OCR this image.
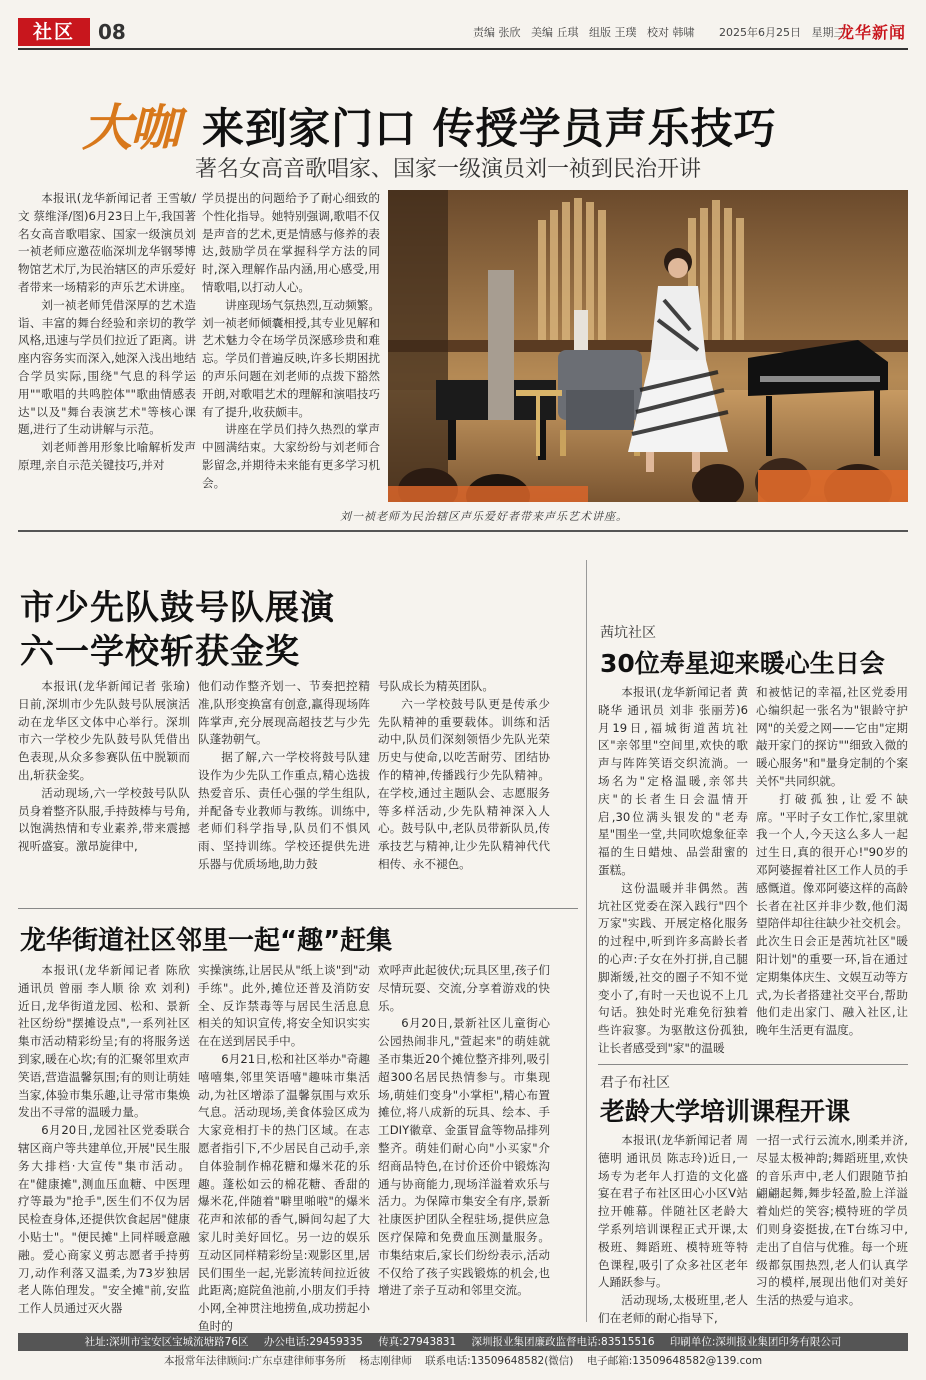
社区	08	责编 张欣 美编 丘琪 组版 王璞 校对 韩啸 2025年6月25日 星期三
龙华新闻
大咖 来到家门口 传授学员声乐技巧
著名女高音歌唱家、国家一级演员刘一祯到民治开讲

本报讯(龙华新闻记者 王雪敏/文 蔡维泽/图)6月23日上午,我国著名女高音歌唱家、国家一级演员刘一祯老师应邀莅临深圳龙华钢琴博物馆艺术厅,为民治辖区的声乐爱好者带来一场精彩的声乐艺术讲座。

刘一祯老师凭借深厚的艺术造诣、丰富的舞台经验和亲切的教学风格,迅速与学员们拉近了距离。讲座内容务实而深入,她深入浅出地结合学员实际,围绕"气息的科学运用""歌唱的共鸣腔体""歌曲情感表达"以及"舞台表演艺术"等核心课题,进行了生动讲解与示范。

刘老师善用形象比喻解析发声原理,亲自示范关键技巧,并对

学员提出的问题给予了耐心细致的个性化指导。她特别强调,歌唱不仅是声音的艺术,更是情感与修养的表达,鼓励学员在掌握科学方法的同时,深入理解作品内涵,用心感受,用情歌唱,以打动人心。

讲座现场气氛热烈,互动频繁。刘一祯老师倾囊相授,其专业见解和艺术魅力令在场学员深感珍贵和难忘。学员们普遍反映,许多长期困扰的声乐问题在刘老师的点拨下豁然开朗,对歌唱艺术的理解和演唱技巧有了提升,收获颇丰。

讲座在学员们持久热烈的掌声中圆满结束。大家纷纷与刘老师合影留念,并期待未来能有更多学习机会。

刘一祯老师为民治辖区声乐爱好者带来声乐艺术讲座。
市少先队鼓号队展演
六一学校斩获金奖

本报讯(龙华新闻记者 张瑜)日前,深圳市少先队鼓号队展演活动在龙华区文体中心举行。深圳市六一学校少先队鼓号队凭借出色表现,从众多参赛队伍中脱颖而出,斩获金奖。

活动现场,六一学校鼓号队队员身着整齐队服,手持鼓棒与号角,以饱满热情和专业素养,带来震撼视听盛宴。激昂旋律中,

他们动作整齐划一、节奏把控精准,队形变换富有创意,赢得现场阵阵掌声,充分展现高超技艺与少先队蓬勃朝气。

据了解,六一学校将鼓号队建设作为少先队工作重点,精心选拔热爱音乐、责任心强的学生组队,并配备专业教师与教练。训练中,老师们科学指导,队员们不惧风雨、坚持训练。学校还提供先进乐器与优质场地,助力鼓

号队成长为精英团队。

六一学校鼓号队更是传承少先队精神的重要载体。训练和活动中,队员们深刻领悟少先队光荣历史与使命,以吃苦耐劳、团结协作的精神,传播践行少先队精神。在学校,通过主题队会、志愿服务等多样活动,少先队精神深入人心。鼓号队中,老队员带新队员,传承技艺与精神,让少先队精神代代相传、永不褪色。

龙华街道社区邻里一起“趣”赶集

本报讯(龙华新闻记者 陈欣 通讯员 曾丽 李人顺 徐 欢 刘利)近日,龙华街道龙园、松和、景新社区纷纷"摆摊设点",一系列社区集市活动精彩纷呈;有的将服务送到家,暖在心坎;有的汇聚邻里欢声笑语,营造温馨氛围;有的则让萌娃当家,体验市集乐趣,让寻常市集焕发出不寻常的温暖力量。

6月20日,龙园社区党委联合辖区商户等共建单位,开展"民生服务大排档·大宣传"集市活动。在"健康摊",测血压血糖、中医理疗等最为"抢手",医生们不仅为居民检查身体,还提供饮食起居"健康小贴士"。"便民摊"上同样暖意融融。爱心商家义剪志愿者手持剪刀,动作利落又温柔,为73岁独居老人陈伯理发。"安全摊"前,安监工作人员通过灭火器

实操演练,让居民从"纸上谈"到"动手练"。此外,摊位还普及消防安全、反诈禁毒等与居民生活息息相关的知识宣传,将安全知识实实在在送到居民手中。

6月21日,松和社区举办"奇趣嘻嘻集,邻里笑语嘻"趣味市集活动,为社区增添了温馨氛围与欢乐气息。活动现场,美食体验区成为大家竞相打卡的热门区域。在志愿者指引下,不少居民自己动手,亲自体验制作棉花糖和爆米花的乐趣。蓬松如云的棉花糖、香甜的爆米花,伴随着"噼里啪啦"的爆米花声和浓郁的香气,瞬间勾起了大家儿时美好回忆。另一边的娱乐互动区同样精彩纷呈:观影区里,居民们围坐一起,光影流转间拉近彼此距离;庭院鱼池前,小朋友们手持小网,全神贯注地捞鱼,成功捞起小鱼时的

欢呼声此起彼伏;玩具区里,孩子们尽情玩耍、交流,分享着游戏的快乐。

6月20日,景新社区儿童街心公园热闹非凡,"萱起来"的萌娃就圣市集近20个摊位整齐排列,吸引超300名居民热情参与。市集现场,萌娃们变身"小掌柜",精心布置摊位,将八成新的玩具、绘本、手工DIY徽章、金蛋冒盒等物品排列整齐。萌娃们耐心向"小买家"介绍商品特色,在讨价还价中锻炼沟通与协商能力,现场洋溢着欢乐与活力。为保障市集安全有序,景新社康医护团队全程驻场,提供应急医疗保障和免费血压测量服务。市集结束后,家长们纷纷表示,活动不仅给了孩子实践锻炼的机会,也增进了亲子互动和邻里交流。

茜坑社区
30位寿星迎来暖心生日会

本报讯(龙华新闻记者 黄晓华 通讯员 刘非 张丽芳)6月19日,福城街道茜坑社区"亲邻里"空间里,欢快的歌声与阵阵笑语交织流淌。一场名为"定格温暖,亲邻共庆"的长者生日会温情开启,30位满头银发的"老寿星"围坐一堂,共同吹熄象征幸福的生日蜡烛、品尝甜蜜的蛋糕。

这份温暖并非偶然。茜坑社区党委在深入践行"四个万家"实践、开展定格化服务的过程中,听到许多高龄长者的心声:子女在外打拼,自己腿脚渐缓,社交的圈子不知不觉变小了,有时一天也说不上几句话。独处时光难免衍独着些许寂寥。为驱散这份孤独,让长者感受到"家"的温暖

和被惦记的幸福,社区党委用心编织起一张名为"银龄守护网"的关爱之网——它由"定期敲开家门的探访""细致入微的暖心服务"和"量身定制的个案关怀"共同织就。

打破孤独,让爱不缺席。"平时子女工作忙,家里就我一个人,今天这么多人一起过生日,真的很开心!"90岁的邓阿婆握着社区工作人员的手感慨道。像邓阿婆这样的高龄长者在社区并非少数,他们渴望陪伴却往往缺少社交机会。此次生日会正是茜坑社区"暖阳计划"的重要一环,旨在通过定期集体庆生、文娱互动等方式,为长者搭建社交平台,帮助他们走出家门、融入社区,让晚年生活更有温度。

君子布社区
老龄大学培训课程开课

本报讯(龙华新闻记者 周德明 通讯员 陈志玲)近日,一场专为老年人打造的文化盛宴在君子布社区田心小区V站拉开帷幕。伴随社区老龄大学系列培训课程正式开课,太极班、舞蹈班、模特班等特色课程,吸引了众多社区老年人踊跃参与。

活动现场,太极班里,老人们在老师的耐心指导下,

一招一式行云流水,刚柔并济,尽显太极神韵;舞蹈班里,欢快的音乐声中,老人们跟随节拍翩翩起舞,舞步轻盈,脸上洋溢着灿烂的笑容;模特班的学员们则身姿挺拔,在T台练习中,走出了自信与优雅。每一个班级都氛围热烈,老人们认真学习的模样,展现出他们对美好生活的热爱与追求。

社址:深圳市宝安区宝城流塘路76区 办公电话:29459335 传真:27943831 深圳报业集团廉政监督电话:83515516 印刷单位:深圳报业集团印务有限公司
本报常年法律顾问:广东卓建律师事务所 杨志刚律师 联系电话:13509648582(微信) 电子邮箱:13509648582@139.com
